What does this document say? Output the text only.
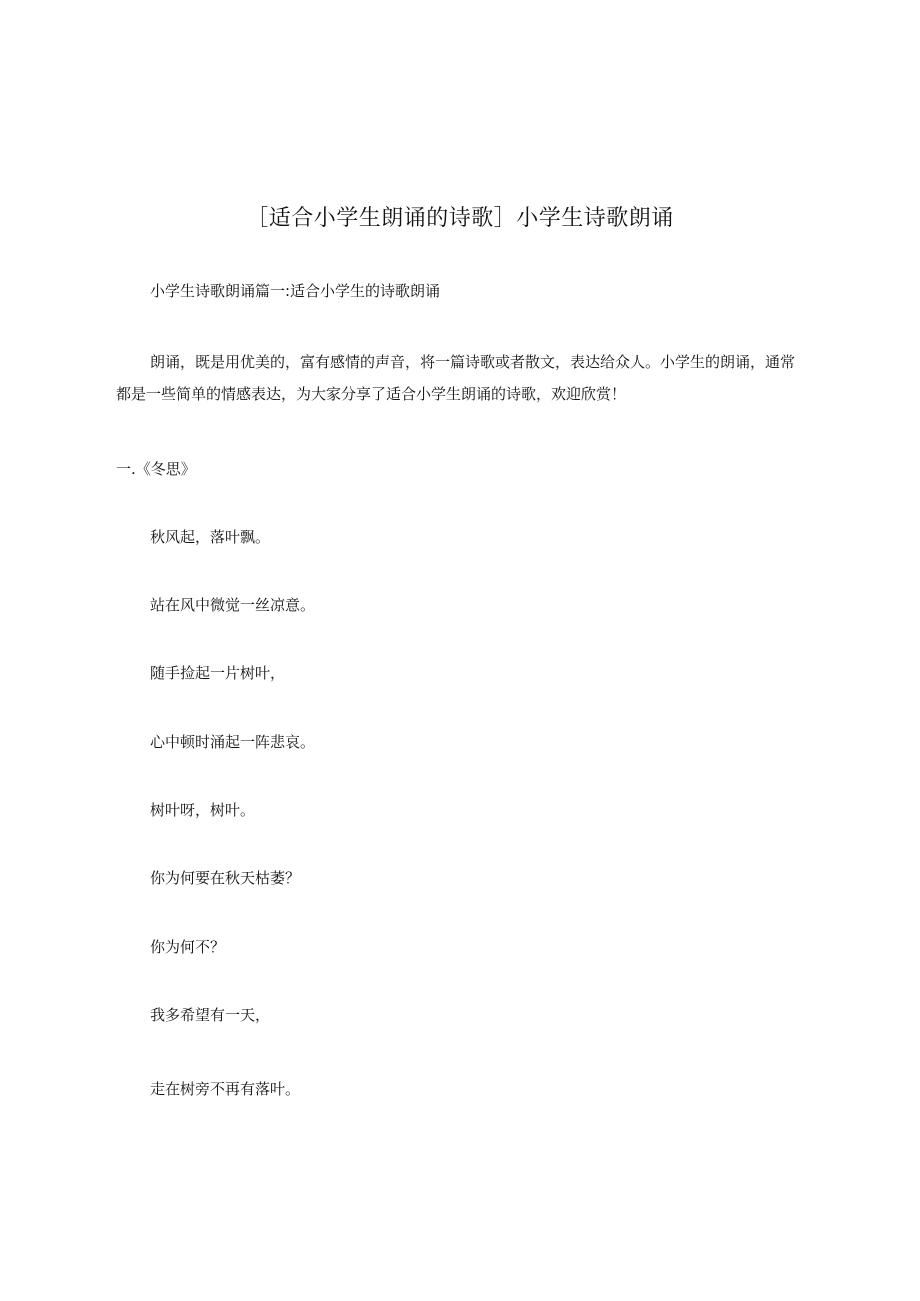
［适合小学生朗诵的诗歌］小学生诗歌朗诵
小学生诗歌朗诵篇一:适合小学生的诗歌朗诵

朗诵，既是用优美的，富有感情的声音，将一篇诗歌或者散文，表达给众人。小学生的朗诵，通常都是一些简单的情感表达，为大家分享了适合小学生朗诵的诗歌，欢迎欣赏！

一.《冬思》
秋风起，落叶飘。
站在风中微觉一丝凉意。
随手捡起一片树叶，
心中顿时涌起一阵悲哀。
树叶呀，树叶。
你为何要在秋天枯萎？
你为何不？
我多希望有一天，
走在树旁不再有落叶。
